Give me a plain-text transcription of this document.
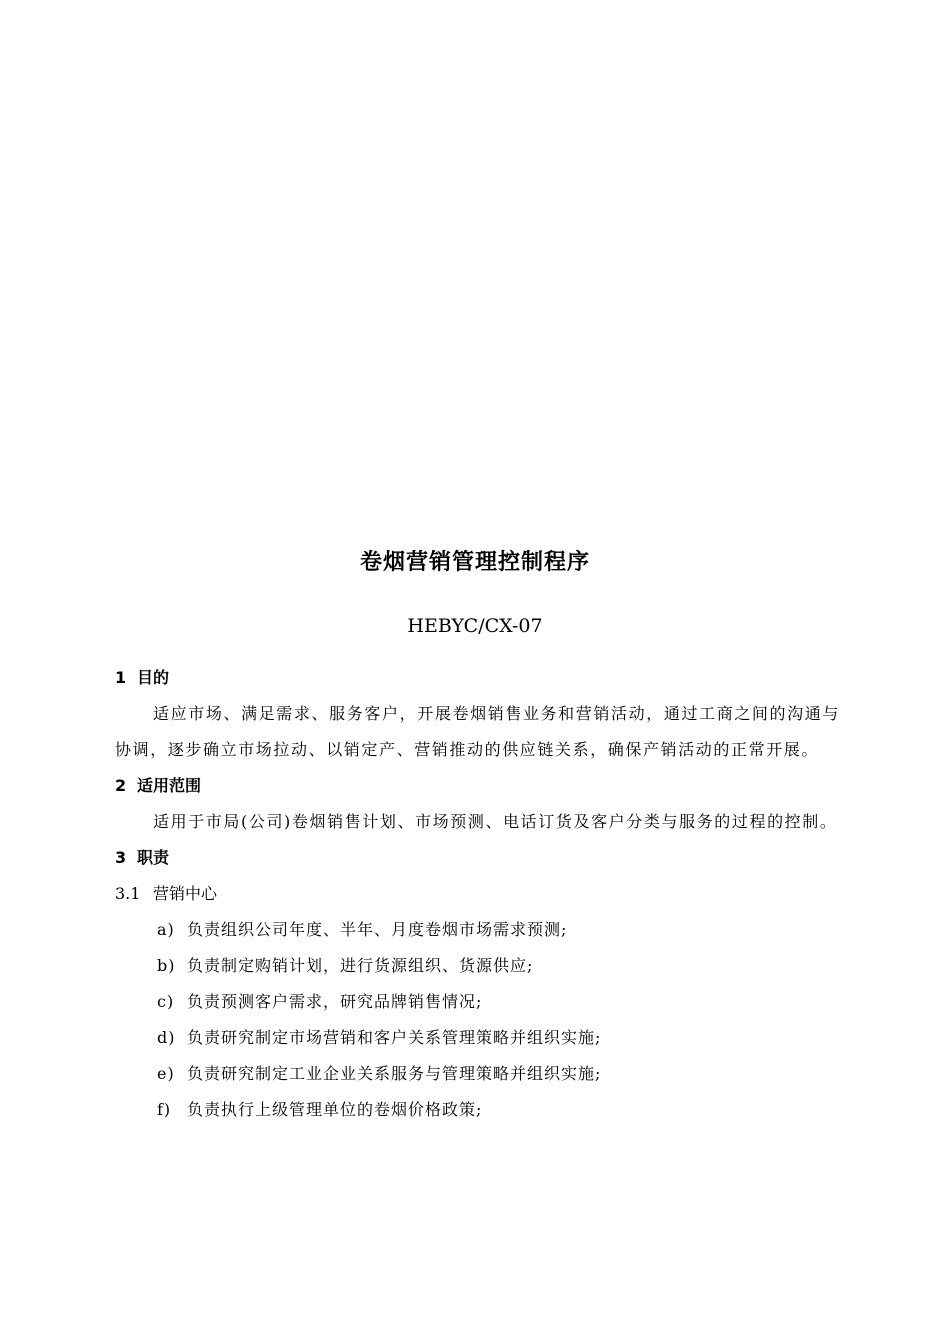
卷烟营销管理控制程序
HEBYC/CX-07
1 目的

适应市场、满足需求、服务客户，开展卷烟销售业务和营销活动，通过工商之间的沟通与协调，逐步确立市场拉动、以销定产、营销推动的供应链关系，确保产销活动的正常开展。

2 适用范围

适用于市局(公司)卷烟销售计划、市场预测、电话订货及客户分类与服务的过程的控制。

3 职责
3.1 营销中心
a) 负责组织公司年度、半年、月度卷烟市场需求预测;
b) 负责制定购销计划，进行货源组织、货源供应;
c) 负责预测客户需求，研究品牌销售情况;
d) 负责研究制定市场营销和客户关系管理策略并组织实施;
e) 负责研究制定工业企业关系服务与管理策略并组织实施;
f) 负责执行上级管理单位的卷烟价格政策;
